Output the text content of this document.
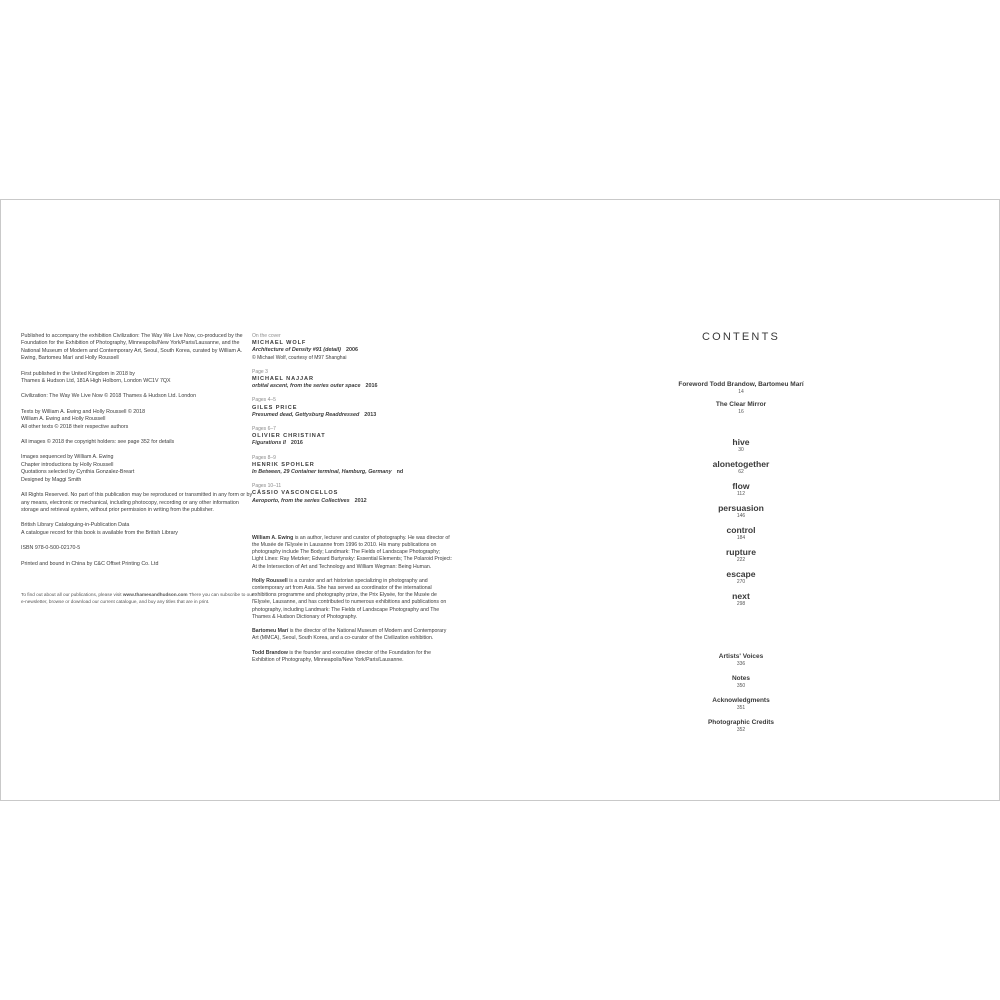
Published to accompany the exhibition Civilization: The Way We Live Now, co-produced by the Foundation for the Exhibition of Photography, Minneapolis/New York/Paris/Lausanne, and the National Museum of Modern and Contemporary Art, Seoul, South Korea, curated by William A. Ewing, Bartomeu Marí and Holly Roussell

First published in the United Kingdom in 2018 by
Thames & Hudson Ltd, 181A High Holborn, London WC1V 7QX

Civilization: The Way We Live Now © 2018 Thames & Hudson Ltd. London

Texts by William A. Ewing and Holly Roussell © 2018
William A. Ewing and Holly Roussell
All other texts © 2018 their respective authors

All images © 2018 the copyright holders: see page 352 for details

Images sequenced by William A. Ewing
Chapter introductions by Holly Roussell
Quotations selected by Cynthia Gonzalez-Breart
Designed by Maggi Smith

All Rights Reserved. No part of this publication may be reproduced or transmitted in any form or by any means, electronic or mechanical, including photocopy, recording or any other information storage and retrieval system, without prior permission in writing from the publisher.

British Library Cataloguing-in-Publication Data
A catalogue record for this book is available from the British Library

ISBN 978-0-500-02170-5

Printed and bound in China by C&C Offset Printing Co. Ltd

To find out about all our publications, please visit www.thamesandhudson.com There you can subscribe to our e-newsletter, browse or download our current catalogue, and buy any titles that are in print.

On the cover
MICHAEL WOLF
Architecture of Density #91 (detail) 2006
© Michael Wolf, courtesy of M97 Shanghai
Page 3
MICHAEL NAJJAR
orbital ascent, from the series outer space 2016
Pages 4–5
GILES PRICE
Presumed dead, Gettysburg Readdressed 2013
Pages 6–7
OLIVIER CHRISTINAT
Figurations II 2016
Pages 8–9
HENRIK SPOHLER
In Between, 29 Container terminal, Hamburg, Germany nd
Pages 10–11
CÁSSIO VASCONCELLOS
Aeroporto, from the series Collectives 2012

William A. Ewing is an author, lecturer and curator of photography. He was director of the Musée de l'Elysée in Lausanne from 1996 to 2010. His many publications on photography include The Body; Landmark: The Fields of Landscape Photography; Light Lines: Ray Metzker; Edward Burtynsky: Essential Elements; The Polaroid Project: At the Intersection of Art and Technology and William Wegman: Being Human.

Holly Roussell is a curator and art historian specializing in photography and contemporary art from Asia. She has served as coordinator of the international exhibitions programme and photography prize, the Prix Elysée, for the Musée de l'Elysée, Lausanne, and has contributed to numerous exhibitions and publications on photography, including Landmark: The Fields of Landscape Photography and The Thames & Hudson Dictionary of Photography.

Bartomeu Marí is the director of the National Museum of Modern and Contemporary Art (MMCA), Seoul, South Korea, and a co-curator of the Civilization exhibition.

Todd Brandow is the founder and executive director of the Foundation for the Exhibition of Photography, Minneapolis/New York/Paris/Lausanne.

CONTENTS
Foreword Todd Brandow, Bartomeu Marí
14
The Clear Mirror
16
hive
30
alonetogether
62
flow
112
persuasion
146
control
184
rupture
222
escape
270
next
298
Artists' Voices
336
Notes
350
Acknowledgments
351
Photographic Credits
352
